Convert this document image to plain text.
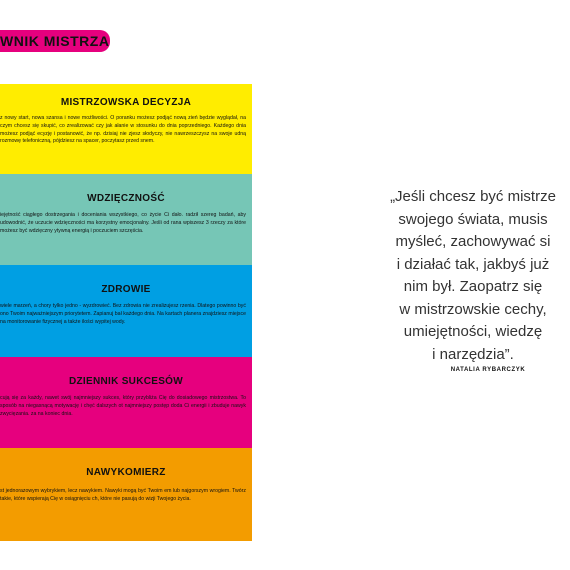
WNIK MISTRZA
MISTRZOWSKA DECYZJA

z nowy start, nowa szansa i nowe możliwości. O poranku możesz podjąć nową zień będzie wyglądał, na czym chcesz się skupić, co zrealizować czy jak ałanie w stosunku do dnia poprzedniego. Każdego dnia możesz podjąć ecyzję i postanowić, że np. dzisiaj nie zjesz słodyczy, nie nawrzeszczysz na swoje udną rozmowę telefoniczną, pójdziesz na spacer, poczytasz przed snem.

WDZIĘCZNOŚĆ

iejętność ciągłego dostrzegania i doceniania wszystkiego, co życie Ci dało. radził szereg badań, aby udowodnić, że uczucie wdzięczności ma korzystny emocjonalny. Jeśli od rana wpiszesz 3 rzeczy za które możesz być wdzięczny ytywną energią i poczuciem szczęścia.

ZDROWIE

wiele marzeń, a chory tylko jedno - wyzdrowieć. Bez zdrowia nie zrealizujesz rzenia. Dlatego powinno być ono Twoim najważniejszym priorytetem. Zapianuj bał każdego dnia. Na kartach planera znajdziesz miejsce na monitorowanie fizycznej a także ilości wypitej wody.

DZIENNIK SUKCESÓW

cują się za każdy, nawet swój najmniejszy sukces, który przybliża Cię do dosiadowego mistrzostwa. To sposób na niegasnącą motywację i chęć dalszych ot najmniejszy postęp doda Ci energii i zbuduje nawyk zwycięzania. za na koniec dnia.

NAWYKOMIERZ

st jednorazowym wybrykiem, lecz nawykiem. Nawyki mogą być Twoim em lub najgorszym wrogiem. Twórz takie, które wspierają Cię w osiągnięciu ch, które nie pasują do wizji Twojego życia.

„Jeśli chcesz być mistrze
swojego świata, musis
myśleć, zachowywać si
i działać tak, jakbyś już
nim był. Zaopatrz się
w mistrzowskie cechy,
umiejętności, wiedzę
i narzędzia”.
NATALIA RYBARCZYK
